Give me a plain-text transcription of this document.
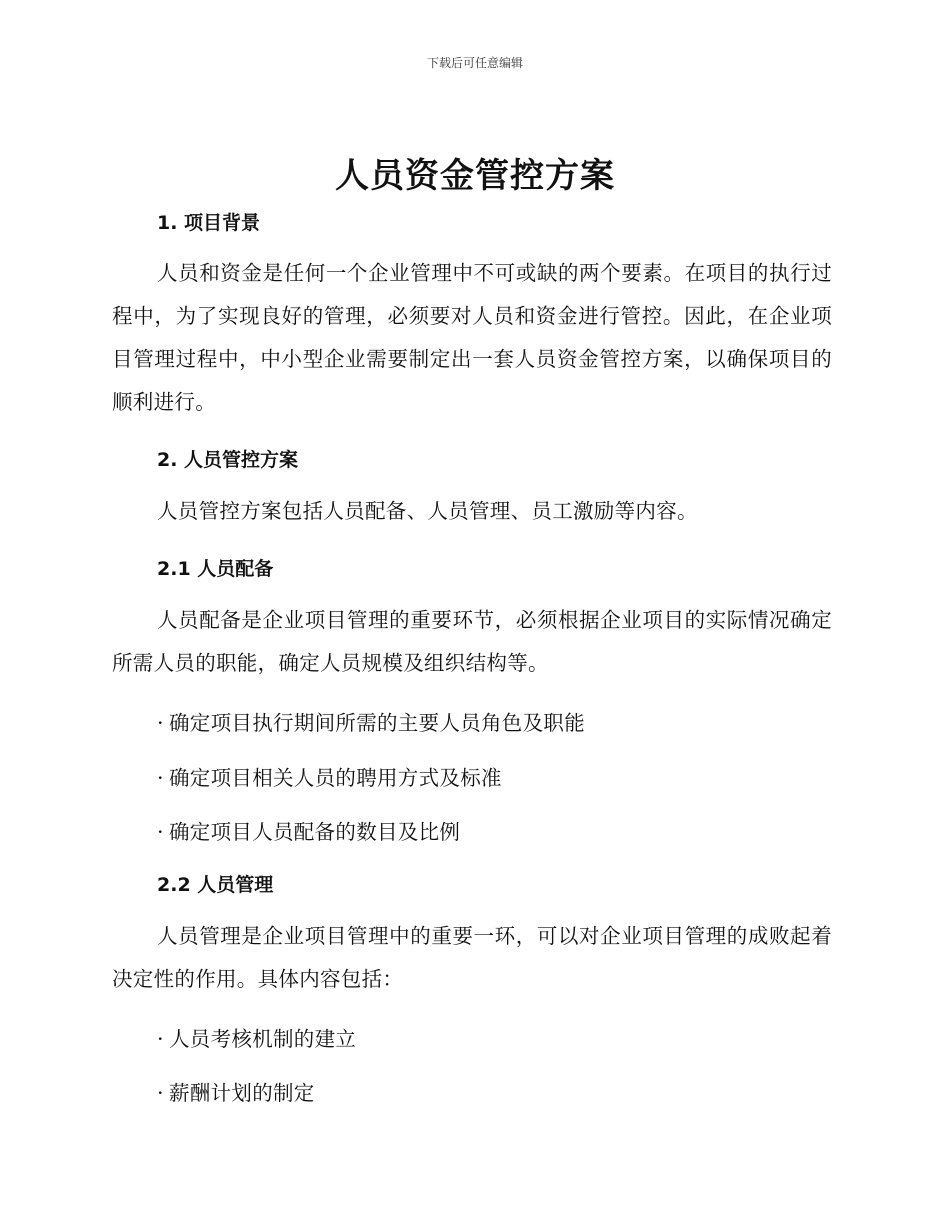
下载后可任意编辑
人员资金管控方案
1. 项目背景
人员和资金是任何一个企业管理中不可或缺的两个要素。在项目的执行过程中，为了实现良好的管理，必须要对人员和资金进行管控。因此，在企业项目管理过程中，中小型企业需要制定出一套人员资金管控方案，以确保项目的顺利进行。
2. 人员管控方案
人员管控方案包括人员配备、人员管理、员工激励等内容。
2.1 人员配备
人员配备是企业项目管理的重要环节，必须根据企业项目的实际情况确定所需人员的职能，确定人员规模及组织结构等。
· 确定项目执行期间所需的主要人员角色及职能
· 确定项目相关人员的聘用方式及标准
· 确定项目人员配备的数目及比例
2.2 人员管理
人员管理是企业项目管理中的重要一环，可以对企业项目管理的成败起着决定性的作用。具体内容包括：
· 人员考核机制的建立
· 薪酬计划的制定
